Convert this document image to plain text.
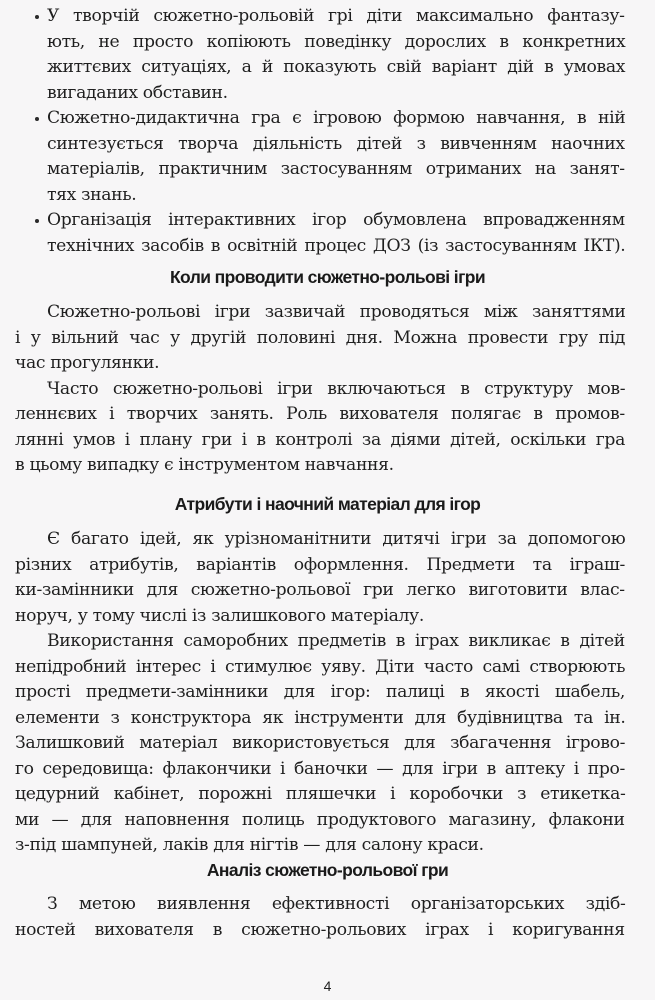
У творчій сюжетно-рольовій грі діти максимально фантазу-
ють, не просто копіюють поведінку дорослих в конкретних
життєвих ситуаціях, а й показують свій варіант дій в умовах
вигаданих обставин.
Сюжетно-дидактична гра є ігровою формою навчання, в ній
синтезується творча діяльність дітей з вивченням наочних
матеріалів, практичним застосуванням отриманих на занят-
тях знань.
Організація інтерактивних ігор обумовлена впровадженням
технічних засобів в освітній процес ДОЗ (із застосуванням ІКТ).
Коли проводити сюжетно-рольові ігри
Сюжетно-рольові ігри зазвичай проводяться між заняттями
і у вільний час у другій половині дня. Можна провести гру під
час прогулянки.
Часто сюжетно-рольові ігри включаються в структуру мов-
леннєвих і творчих занять. Роль вихователя полягає в промов-
лянні умов і плану гри і в контролі за діями дітей, оскільки гра
в цьому випадку є інструментом навчання.
Атрибути і наочний матеріал для ігор
Є багато ідей, як урізноманітнити дитячі ігри за допомогою
різних атрибутів, варіантів оформлення. Предмети та іграш-
ки-замінники для сюжетно-рольової гри легко виготовити влас-
норуч, у тому числі із залишкового матеріалу.
Використання саморобних предметів в іграх викликає в дітей
непідробний інтерес і стимулює уяву. Діти часто самі створюють
прості предмети-замінники для ігор: палиці в якості шабель,
елементи з конструктора як інструменти для будівництва та ін.
Залишковий матеріал використовується для збагачення ігрово-
го середовища: флакончики і баночки — для ігри в аптеку і про-
цедурний кабінет, порожні пляшечки і коробочки з етикетка-
ми — для наповнення полиць продуктового магазину, флакони
з-під шампуней, лаків для нігтів — для салону краси.
Аналіз сюжетно-рольової гри
З метою виявлення ефективності організаторських здіб-
ностей вихователя в сюжетно-рольових іграх і коригування
4
